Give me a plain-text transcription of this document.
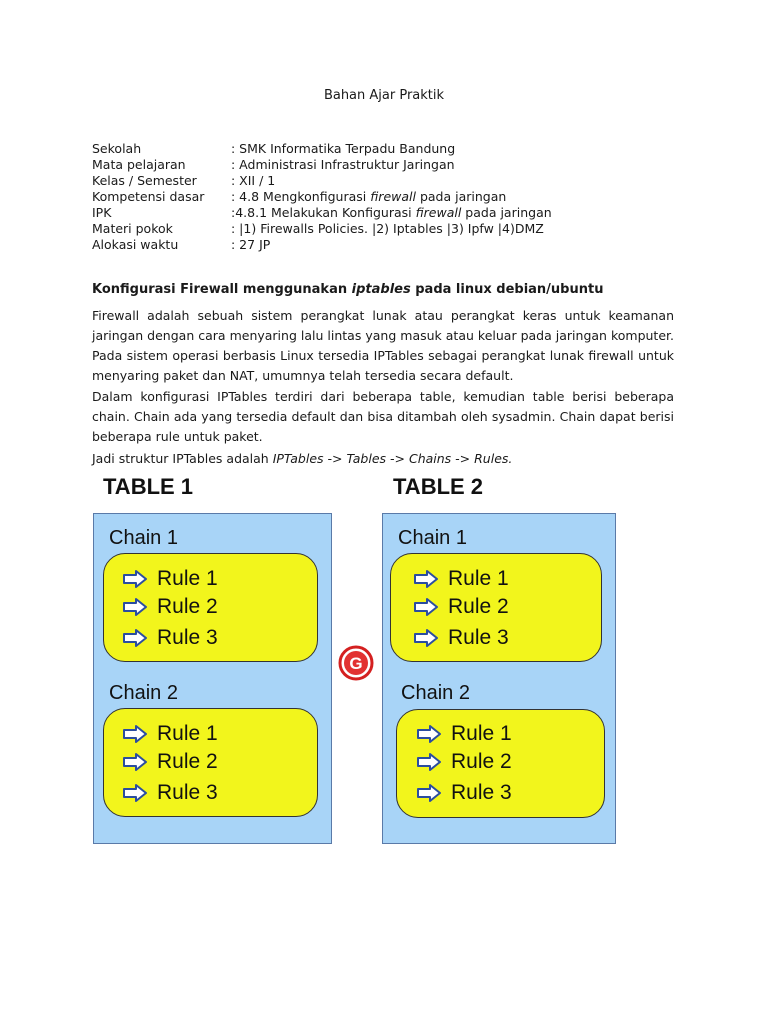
Bahan Ajar Praktik
Sekolah	: SMK Informatika Terpadu Bandung
Mata pelajaran	: Administrasi Infrastruktur Jaringan
Kelas / Semester	: XII / 1
Kompetensi dasar	: 4.8 Mengkonfigurasi firewall pada jaringan
IPK	:4.8.1 Melakukan Konfigurasi firewall pada jaringan
Materi pokok	: |1) Firewalls Policies. |2) Iptables |3) Ipfw |4)DMZ
Alokasi waktu	: 27 JP
Konfigurasi Firewall menggunakan iptables pada linux debian/ubuntu
Firewall adalah sebuah sistem perangkat lunak atau perangkat keras untuk keamanan jaringan dengan cara menyaring lalu lintas yang masuk atau keluar pada jaringan komputer. Pada sistem operasi berbasis Linux tersedia IPTables sebagai perangkat lunak firewall untuk menyaring paket dan NAT, umumnya telah tersedia secara default.
Dalam konfigurasi IPTables terdiri dari beberapa table, kemudian table berisi beberapa chain. Chain ada yang tersedia default dan bisa ditambah oleh sysadmin. Chain dapat berisi beberapa rule untuk paket.
Jadi struktur IPTables adalah IPTables -> Tables -> Chains -> Rules.
TABLE 1	TABLE 2
Chain 1
Rule 1
Rule 2
Rule 3
Chain 2
Rule 1
Rule 2
Rule 3
G
Chain 1
Rule 1
Rule 2
Rule 3
Chain 2
Rule 1
Rule 2
Rule 3
